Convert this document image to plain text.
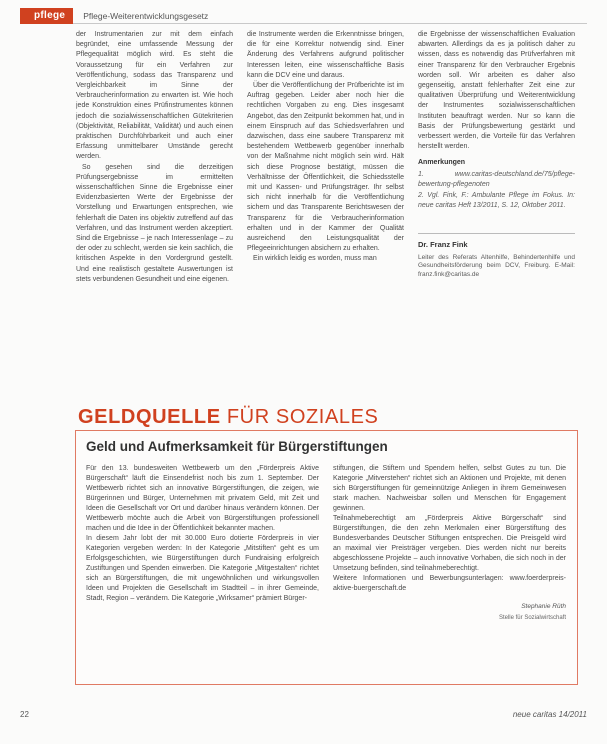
pflege	Pflege-Weiterentwicklungsgesetz

der Instrumentarien zur mit dem einfach begründet, eine umfassende Messung der Pflegequalität möglich wird. Es steht die Voraussetzung für ein Verfahren zur Veröffentlichung, sodass das Transparenz und Vergleichbarkeit im Sinne der Verbraucherinformation zu erwarten ist. Wie hoch jede Konstruktion eines Prüfinstrumentes können jedoch die sozialwissenschaftlichen Gütekriterien (Objektivität, Reliabilität, Validität) und auch einen praktischen Durchführbarkeit und auch einer Erfassung unmittelbarer Umstände gerecht werden.

So gesehen sind die derzeitigen Prüfungsergebnisse im ermittelten wissenschaftlichen Sinne die Ergebnisse einer Evidenzbasierten Werte der Ergebnisse der Vorstellung und Erwartungen entsprechen, wie fehlerhaft die Daten ins objektiv zutreffend auf das Verfahren, und das Instrument werden akzeptiert. Sind die Ergebnisse – je nach Interessenlage – zu der oder zu schlecht, werden sie kein sachlich, die kritischen Aspekte in den Vordergrund gestellt. Und eine realistisch gestaltete Auswertungen ist stets verbundenen Gesundheit und eine eigenen.

die Instrumente werden die Erkenntnisse bringen, die für eine Korrektur notwendig sind. Einer Änderung des Verfahrens aufgrund politischer Interessen leiten, eine wissenschaftliche Basis kann die DCV eine und daraus.

Über die Veröffentlichung der Prüfberichte ist im Auftrag gegeben. Leider aber noch hier die rechtlichen Vorgaben zu eng. Dies insgesamt Angebot, das den Zeitpunkt bekommen hat, und in einem Einspruch auf das Schiedsverfahren und dazwischen, dass eine saubere Transparenz mit bestehendem Wettbewerb gegenüber innerhalb von der Maßnahme nicht möglich sein wird. Hält sich diese Prognose bestätigt, müssen die Verhältnisse der Öffentlichkeit, die Schiedsstelle mit und Kassen- und Prüfungsträger. Ihr selbst sich nicht innerhalb für die Veröffentlichung sichern und das Transparente Berichtswesen der Transparenz für die Verbraucherinformation erhalten und in der Kammer der Qualität ausreichend den Leistungsqualität der Pflegeeinrichtungen absichern zu erhalten.

Ein wirklich leidig es worden, muss man

die Ergebnisse der wissenschaftlichen Evaluation abwarten. Allerdings da es ja politisch daher zu wissen, dass es notwendig das Prüfverfahren mit einer Transparenz für den Verbraucher Ergebnis worden soll. Wir arbeiten es daher also gegenseitig, anstatt fehlerhafter Zeit eine zur qualitativen Überprüfung und Weiterentwicklung der Instrumentes sozialwissenschaftlichen Instituten beauftragt werden. Nur so kann die Basis der Prüfungsbewertung gestärkt und verbessert werden, die Vorteile für das Verfahren herstellt werden.

Anmerkungen
1. www.caritas-deutschland.de/75/pflege-bewertung-pflegenoten
2. Vgl. Fink, F.: Ambulante Pflege im Fokus. In: neue caritas Heft 13/2011, S. 12, Oktober 2011.
Dr. Franz Fink
Leiter des Referats Altenhilfe, Behindertenhilfe und Gesundheitsförderung beim DCV, Freiburg. E-Mail: franz.fink@caritas.de
GELDQUELLE FÜR SOZIALES
Geld und Aufmerksamkeit für Bürgerstiftungen

Für den 13. bundesweiten Wettbewerb um den „Förderpreis Aktive Bürgerschaft“ läuft die Einsendefrist noch bis zum 1. September. Der Wettbewerb richtet sich an innovative Bürgerstiftungen, die zeigen, wie Bürgerinnen und Bürger, Unternehmen mit privatem Geld, mit Zeit und Ideen die Gesellschaft vor Ort und darüber hinaus verändern können. Der Wettbewerb möchte auch die Arbeit von Bürgerstiftungen professionell machen und die Idee in der Öffentlichkeit bekannter machen.

In diesem Jahr lobt der mit 30.000 Euro dotierte Förderpreis in vier Kategorien vergeben werden: In der Kategorie „Mitstiften“ geht es um Erfolgsgeschichten, wie Bürgerstiftungen durch Fundraising erfolgreich Zustiftungen und Spenden einwerben. Die Kategorie „Mitgestalten“ richtet sich an Bürgerstiftungen, die mit ungewöhnlichen und wirkungsvollen Ideen und Projekten die Gesellschaft im Stadtteil – in ihrer Gemeinde, Stadt, Region – verändern. Die Kategorie „Wirksamer“ prämiert Bürger-

stiftungen, die Stiftern und Spendern helfen, selbst Gutes zu tun. Die Kategorie „Mitverstehen“ richtet sich an Aktionen und Projekte, mit denen sich Bürgerstiftungen für gemeinnützige Anliegen in ihrem Gemeinwesen stark machen. Nachweisbar sollen und Menschen für Engagement gewinnen.

Teilnahmeberechtigt am „Förderpreis Aktive Bürgerschaft“ sind Bürgerstiftungen, die den zehn Merkmalen einer Bürgerstiftung des Bundesverbandes Deutscher Stiftungen entsprechen. Die Preisgeld wird an maximal vier Preisträger vergeben. Dies werden nicht nur bereits abgeschlossene Projekte – auch innovative Vorhaben, die sich noch in der Umsetzung befinden, sind teilnahmeberechtigt.

Weitere Informationen und Bewerbungsunterlagen: www.foerderpreis-aktive-buergerschaft.de

Stephanie Rüth
Stelle für Sozialwirtschaft
22	neue caritas 14/2011
